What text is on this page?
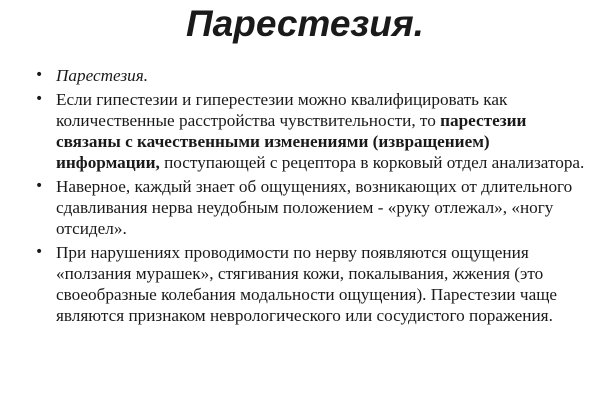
Парестезия.
• Парестезия.
• Если гипестезии и гиперестезии можно квалифицировать как количественные расстройства чувствительности, то парестезии связаны с качественными изменениями (извращением) информации, поступающей с рецептора в корковый отдел анализатора.
• Наверное, каждый знает об ощущениях, возникающих от длительного сдавливания нерва неудобным положением - «руку отлежал», «ногу отсидел».
• При нарушениях проводимости по нерву появляются ощущения «ползания мурашек», стягивания кожи, покалывания, жжения (это своеобразные колебания модальности ощущения). Парестезии чаще являются признаком неврологического или сосудистого поражения.
